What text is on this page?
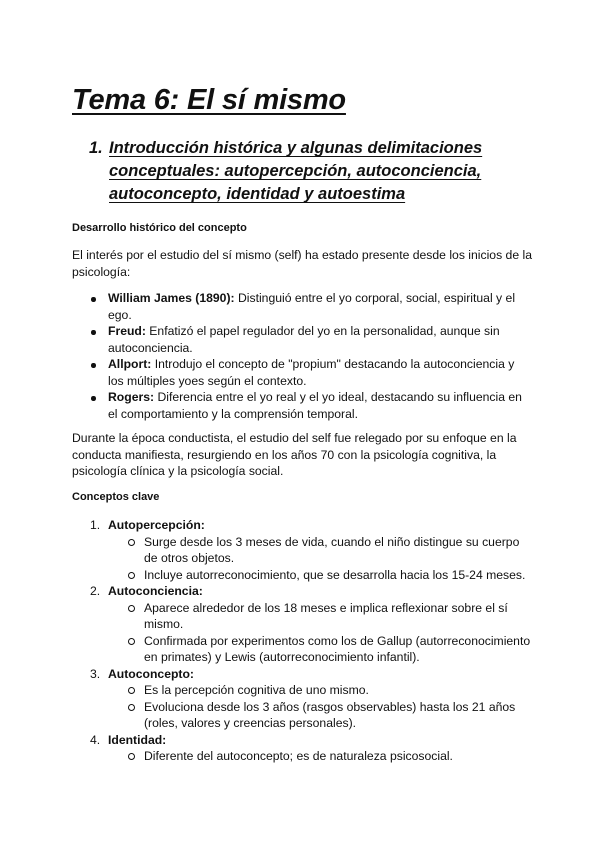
Tema 6: El sí mismo
1. Introducción histórica y algunas delimitaciones conceptuales: autopercepción, autoconciencia, autoconcepto, identidad y autoestima
Desarrollo histórico del concepto

El interés por el estudio del sí mismo (self) ha estado presente desde los inicios de la psicología:

William James (1890): Distinguió entre el yo corporal, social, espiritual y el ego.
Freud: Enfatizó el papel regulador del yo en la personalidad, aunque sin autoconciencia.
Allport: Introdujo el concepto de "propium" destacando la autoconciencia y los múltiples yoes según el contexto.
Rogers: Diferencia entre el yo real y el yo ideal, destacando su influencia en el comportamiento y la comprensión temporal.

Durante la época conductista, el estudio del self fue relegado por su enfoque en la conducta manifiesta, resurgiendo en los años 70 con la psicología cognitiva, la psicología clínica y la psicología social.

Conceptos clave
1. Autopercepción:
Surge desde los 3 meses de vida, cuando el niño distingue su cuerpo de otros objetos.
Incluye autorreconocimiento, que se desarrolla hacia los 15-24 meses.
2. Autoconciencia:
Aparece alrededor de los 18 meses e implica reflexionar sobre el sí mismo.
Confirmada por experimentos como los de Gallup (autorreconocimiento en primates) y Lewis (autorreconocimiento infantil).
3. Autoconcepto:
Es la percepción cognitiva de uno mismo.
Evoluciona desde los 3 años (rasgos observables) hasta los 21 años (roles, valores y creencias personales).
4. Identidad:
Diferente del autoconcepto; es de naturaleza psicosocial.
